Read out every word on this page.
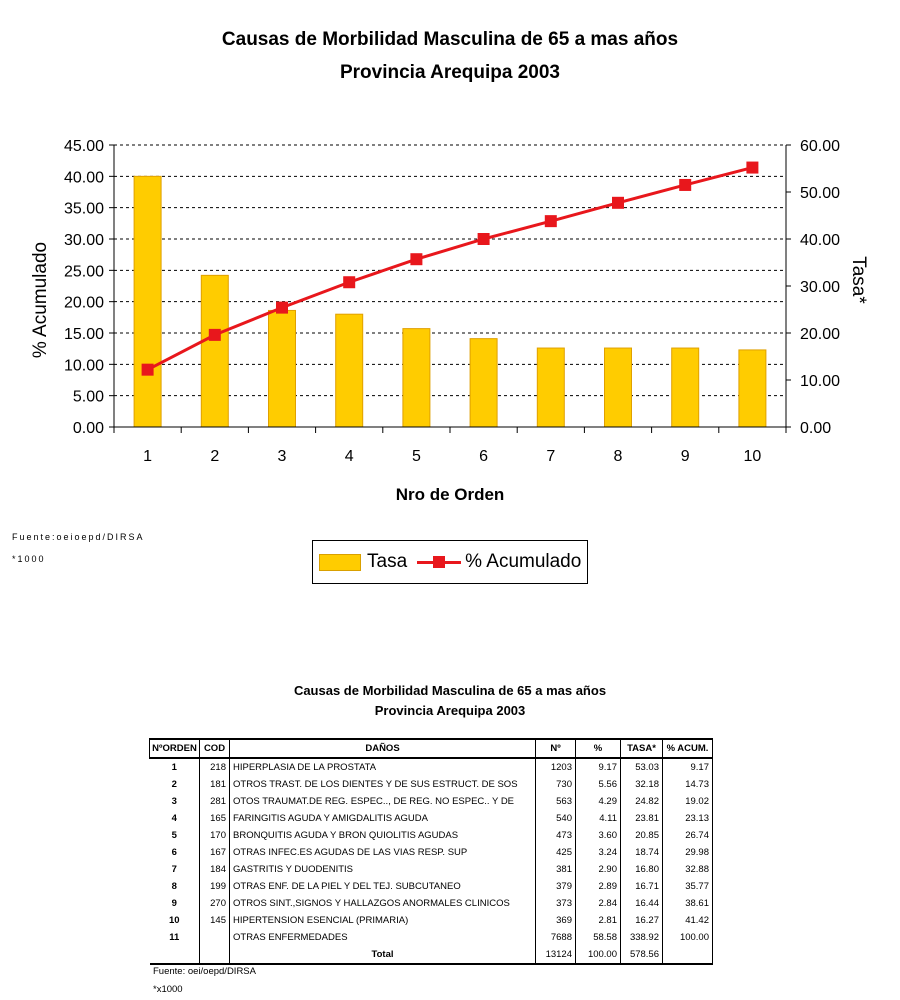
Causas de Morbilidad Masculina de 65 a mas años
Provincia Arequipa 2003
0.00
5.00
10.00
15.00
20.00
25.00
30.00
35.00
40.00
45.00
0.00
10.00
20.00
30.00
40.00
50.00
60.00
1	2	3	4	5	6	7	8	9	10
Nro de Orden
% Acumulado	Tasa*
Fuente:oeioepd/DIRSA
*1000	Tasa	% Acumulado
Causas de Morbilidad Masculina de 65 a mas años
Provincia Arequipa 2003
NºORDEN	COD	DAÑOS	Nº	%	TASA*	% ACUM.
1	218	HIPERPLASIA DE LA PROSTATA	1203	9.17	53.03	9.17
2	181	OTROS TRAST. DE LOS DIENTES Y DE SUS ESTRUCT. DE SOS	730	5.56	32.18	14.73
3	281	OTOS TRAUMAT.DE REG. ESPEC.., DE REG. NO ESPEC.. Y DE	563	4.29	24.82	19.02
4	165	FARINGITIS AGUDA Y AMIGDALITIS AGUDA	540	4.11	23.81	23.13
5	170	BRONQUITIS AGUDA Y BRON QUIOLITIS AGUDAS	473	3.60	20.85	26.74
6	167	OTRAS INFEC.ES AGUDAS DE LAS VIAS RESP. SUP	425	3.24	18.74	29.98
7	184	GASTRITIS Y DUODENITIS	381	2.90	16.80	32.88
8	199	OTRAS ENF. DE LA PIEL Y DEL TEJ. SUBCUTANEO	379	2.89	16.71	35.77
9	270	OTROS SINT.,SIGNOS Y HALLAZGOS ANORMALES CLINICOS	373	2.84	16.44	38.61
10	145	HIPERTENSION ESENCIAL (PRIMARIA)	369	2.81	16.27	41.42
11		OTRAS ENFERMEDADES	7688	58.58	338.92	100.00
		Total	13124	100.00	578.56	
Fuente: oei/oepd/DIRSA
*x1000
